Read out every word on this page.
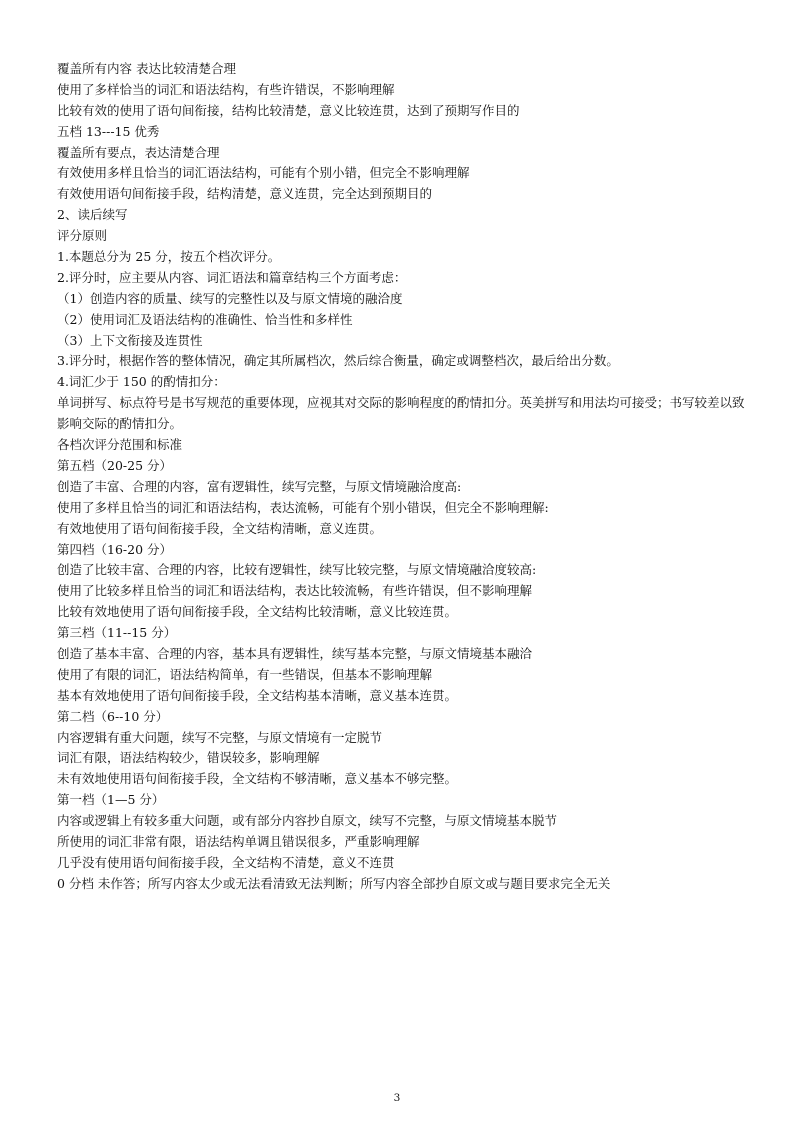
覆盖所有内容 表达比较清楚合理
使用了多样恰当的词汇和语法结构，有些许错误，不影响理解
比较有效的使用了语句间衔接，结构比较清楚，意义比较连贯，达到了预期写作目的
五档 13---15 优秀
覆盖所有要点，表达清楚合理
有效使用多样且恰当的词汇语法结构，可能有个别小错，但完全不影响理解
有效使用语句间衔接手段，结构清楚，意义连贯，完全达到预期目的
2、读后续写
评分原则
1.本题总分为 25 分，按五个档次评分。
2.评分时，应主要从内容、词汇语法和篇章结构三个方面考虑：
（1）创造内容的质量、续写的完整性以及与原文情境的融洽度
（2）使用词汇及语法结构的准确性、恰当性和多样性
（3）上下文衔接及连贯性
3.评分时，根据作答的整体情况，确定其所属档次，然后综合衡量，确定或调整档次，最后给出分数。
4.词汇少于 150 的酌情扣分：
单词拼写、标点符号是书写规范的重要体现，应视其对交际的影响程度的酌情扣分。英美拼写和用法均可接受；书写较差以致影响交际的酌情扣分。
各档次评分范围和标准
第五档（20-25 分）
创造了丰富、合理的内容，富有逻辑性，续写完整，与原文情境融洽度高:
使用了多样且恰当的词汇和语法结构，表达流畅，可能有个别小错误，但完全不影响理解:
有效地使用了语句间衔接手段，全文结构清晰，意义连贯。
第四档（16-20 分）
创造了比较丰富、合理的内容，比较有逻辑性，续写比较完整，与原文情境融洽度较高:
使用了比较多样且恰当的词汇和语法结构，表达比较流畅，有些许错误，但不影响理解
比较有效地使用了语句间衔接手段，全文结构比较清晰，意义比较连贯。
第三档（11--15 分）
创造了基本丰富、合理的内容，基本具有逻辑性，续写基本完整，与原文情境基本融洽
使用了有限的词汇，语法结构简单，有一些错误，但基本不影响理解
基本有效地使用了语句间衔接手段，全文结构基本清晰，意义基本连贯。
第二档（6--10 分）
内容逻辑有重大问题，续写不完整，与原文情境有一定脱节
词汇有限，语法结构较少，错误较多，影响理解
未有效地使用语句间衔接手段，全文结构不够清晰，意义基本不够完整。
第一档（1—5 分）
内容或逻辑上有较多重大问题，或有部分内容抄自原文，续写不完整，与原文情境基本脱节
所使用的词汇非常有限，语法结构单调且错误很多，严重影响理解
几乎没有使用语句间衔接手段，全文结构不清楚，意义不连贯
0 分档 未作答；所写内容太少或无法看清致无法判断；所写内容全部抄自原文或与题目要求完全无关
3
